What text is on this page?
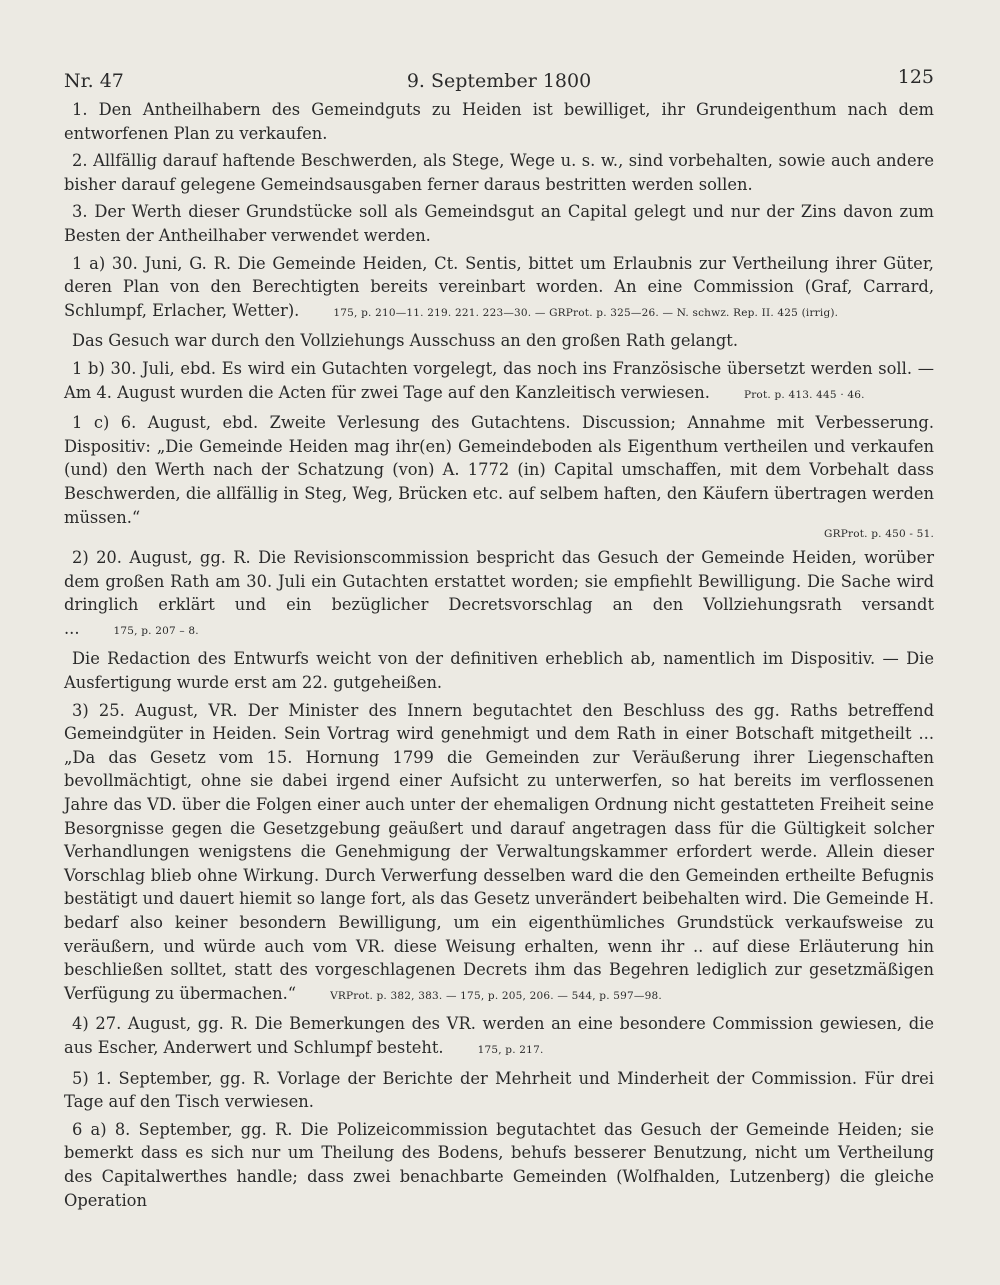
Nr. 47	9. September 1800	125

1. Den Antheilhabern des Gemeindguts zu Heiden ist bewilliget, ihr Grundeigenthum nach dem entworfenen Plan zu verkaufen.

2. Allfällig darauf haftende Beschwerden, als Stege, Wege u. s. w., sind vorbehalten, sowie auch andere bisher darauf gelegene Gemeindsausgaben ferner daraus bestritten werden sollen.

3. Der Werth dieser Grundstücke soll als Gemeindsgut an Capital gelegt und nur der Zins davon zum Besten der Antheilhaber verwendet werden.

1 a) 30. Juni, G. R. Die Gemeinde Heiden, Ct. Sentis, bittet um Erlaubnis zur Vertheilung ihrer Güter, deren Plan von den Berechtigten bereits vereinbart worden. An eine Commission (Graf, Carrard, Schlumpf, Erlacher, Wetter).	175, p. 210—11. 219. 221. 223—30. — GRProt. p. 325—26. — N. schwz. Rep. II. 425 (irrig).

Das Gesuch war durch den Vollziehungs Ausschuss an den großen Rath gelangt.

1 b) 30. Juli, ebd. Es wird ein Gutachten vorgelegt, das noch ins Französische übersetzt werden soll. — Am 4. August wurden die Acten für zwei Tage auf den Kanzleitisch verwiesen.	Prot. p. 413. 445 · 46.

1 c) 6. August, ebd. Zweite Verlesung des Gutachtens. Discussion; Annahme mit Verbesserung. Dispositiv: „Die Gemeinde Heiden mag ihr(en) Gemeindeboden als Eigenthum vertheilen und verkaufen (und) den Werth nach der Schatzung (von) A. 1772 (in) Capital umschaffen, mit dem Vorbehalt dass Beschwerden, die allfällig in Steg, Weg, Brücken etc. auf selbem haften, den Käufern übertragen werden müssen.“
GRProt. p. 450 - 51.

2) 20. August, gg. R. Die Revisionscommission bespricht das Gesuch der Gemeinde Heiden, worüber dem großen Rath am 30. Juli ein Gutachten erstattet worden; sie empfiehlt Bewilligung. Die Sache wird dringlich erklärt und ein bezüglicher Decretsvorschlag an den Vollziehungsrath versandt ...	175, p. 207 – 8.

Die Redaction des Entwurfs weicht von der definitiven erheblich ab, namentlich im Dispositiv. — Die Ausfertigung wurde erst am 22. gutgeheißen.

3) 25. August, VR. Der Minister des Innern begutachtet den Beschluss des gg. Raths betreffend Gemeindgüter in Heiden. Sein Vortrag wird genehmigt und dem Rath in einer Botschaft mitgetheilt ... „Da das Gesetz vom 15. Hornung 1799 die Gemeinden zur Veräußerung ihrer Liegenschaften bevollmächtigt, ohne sie dabei irgend einer Aufsicht zu unterwerfen, so hat bereits im verflossenen Jahre das VD. über die Folgen einer auch unter der ehemaligen Ordnung nicht gestatteten Freiheit seine Besorgnisse gegen die Gesetzgebung geäußert und darauf angetragen dass für die Gültigkeit solcher Verhandlungen wenigstens die Genehmigung der Verwaltungskammer erfordert werde. Allein dieser Vorschlag blieb ohne Wirkung. Durch Verwerfung desselben ward die den Gemeinden ertheilte Befugnis bestätigt und dauert hiemit so lange fort, als das Gesetz unverändert beibehalten wird. Die Gemeinde H. bedarf also keiner besondern Bewilligung, um ein eigenthümliches Grundstück verkaufsweise zu veräußern, und würde auch vom VR. diese Weisung erhalten, wenn ihr .. auf diese Erläuterung hin beschließen solltet, statt des vorgeschlagenen Decrets ihm das Begehren lediglich zur gesetzmäßigen Verfügung zu übermachen.“	VRProt. p. 382, 383. — 175, p. 205, 206. — 544, p. 597—98.

4) 27. August, gg. R. Die Bemerkungen des VR. werden an eine besondere Commission gewiesen, die aus Escher, Anderwert und Schlumpf besteht.	175, p. 217.

5) 1. September, gg. R. Vorlage der Berichte der Mehrheit und Minderheit der Commission. Für drei Tage auf den Tisch verwiesen.

6 a) 8. September, gg. R. Die Polizeicommission begutachtet das Gesuch der Gemeinde Heiden; sie bemerkt dass es sich nur um Theilung des Bodens, behufs besserer Benutzung, nicht um Vertheilung des Capitalwerthes handle; dass zwei benachbarte Gemeinden (Wolfhalden, Lutzenberg) die gleiche Operation
